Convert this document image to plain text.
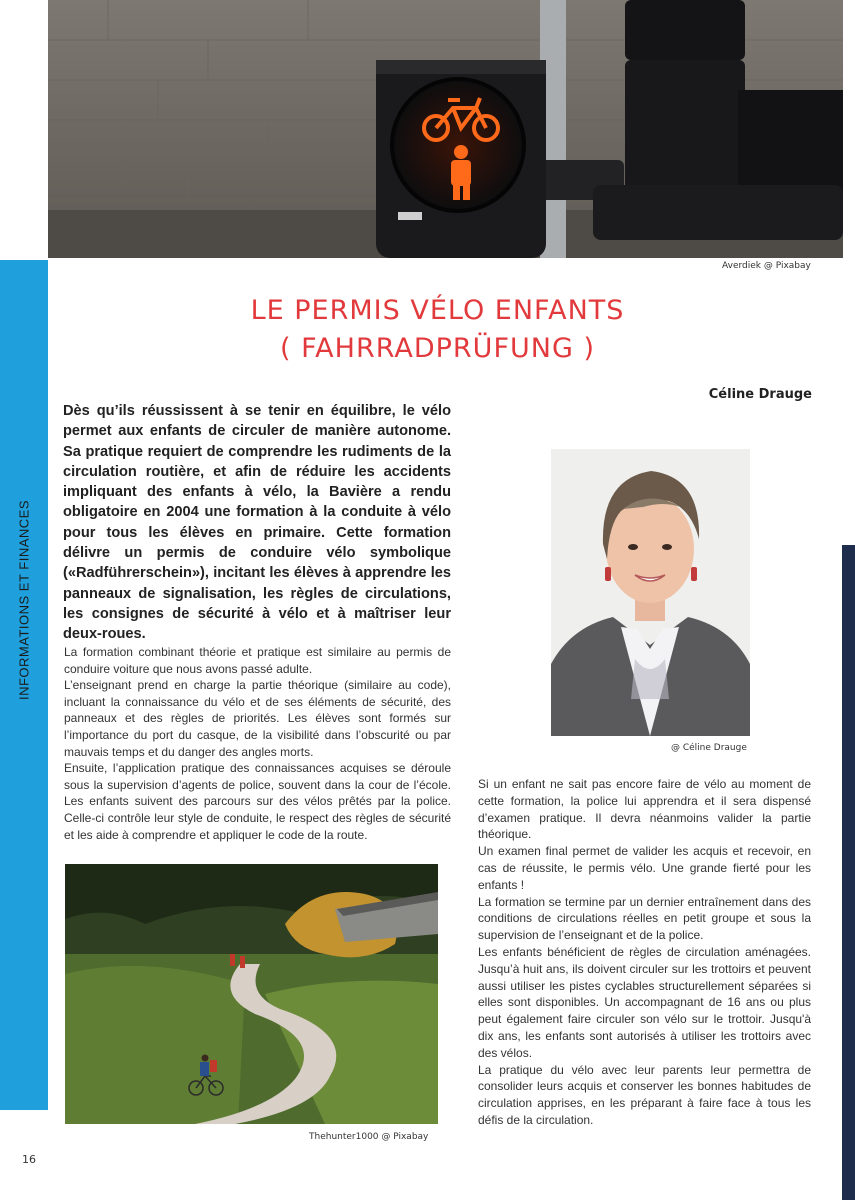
INFORMATIONS ET FINANCES
16
Averdiek @ Pixabay
LE PERMIS VÉLO ENFANTS
( FAHRRADPRÜFUNG )
Céline Drauge
Dès qu’ils réussissent à se tenir en équilibre, le vélo permet aux enfants de circuler de manière autonome. Sa pratique requiert de comprendre les rudiments de la circulation routière, et afin de réduire les accidents impliquant des enfants à vélo, la Bavière a rendu obligatoire en 2004 une formation à la conduite à vélo pour tous les élèves en primaire. Cette formation délivre un permis de conduire vélo symbolique («Radführerschein»), incitant les élèves à apprendre les panneaux de signalisation, les règles de circulations, les consignes de sécurité à vélo et à maîtriser leur deux-roues.

La formation combinant théorie et pratique est similaire au permis de conduire voiture que nous avons passé adulte.

L’enseignant prend en charge la partie théorique (similaire au code), incluant la connaissance du vélo et de ses éléments de sécurité, des panneaux et des règles de priorités. Les élèves sont formés sur l’importance du port du casque, de la visibilité dans l’obscurité ou par mauvais temps et du danger des angles morts.

Ensuite, l’application pratique des connaissances acquises se déroule sous la supervision d’agents de police, souvent dans la cour de l’école. Les enfants suivent des parcours sur des vélos prêtés par la police. Celle-ci contrôle leur style de conduite, le respect des règles de sécurité et les aide à comprendre et appliquer le code de la route.

@ Céline Drauge

Si un enfant ne sait pas encore faire de vélo au moment de cette formation, la police lui apprendra et il sera dispensé d’examen pratique. Il devra néanmoins valider la partie théorique.

Un examen final permet de valider les acquis et recevoir, en cas de réussite, le permis vélo. Une grande fierté pour les enfants !

La formation se termine par un dernier entraînement dans des conditions de circulations réelles en petit groupe et sous la supervision de l’enseignant et de la police.

Les enfants bénéficient de règles de circulation aménagées. Jusqu’à huit ans, ils doivent circuler sur les trottoirs et peuvent aussi utiliser les pistes cyclables structurellement séparées si elles sont disponibles. Un accompagnant de 16 ans ou plus peut également faire circuler son vélo sur le trottoir. Jusqu'à dix ans, les enfants sont autorisés à utiliser les trottoirs avec des vélos.

La pratique du vélo avec leur parents leur permettra de consolider leurs acquis et conserver les bonnes habitudes de circulation apprises, en les préparant à faire face à tous les défis de la circulation.

Thehunter1000 @ Pixabay
